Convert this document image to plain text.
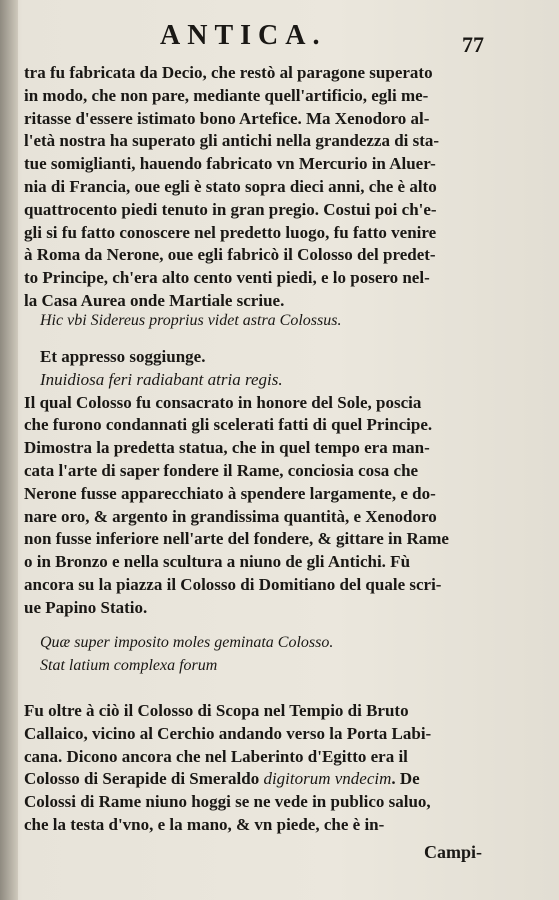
ANTICA.	77
tra fu fabricata da Decio, che restò al paragone superato
in modo, che non pare, mediante quell'artificio, egli me-
ritasse d'essere istimato bono Artefice. Ma Xenodoro al-
l'età nostra ha superato gli antichi nella grandezza di sta-
tue somiglianti, hauendo fabricato vn Mercurio in Aluer-
nia di Francia, oue egli è stato sopra dieci anni, che è alto
quattrocento piedi tenuto in gran pregio. Costui poi ch'e-
gli si fu fatto conoscere nel predetto luogo, fu fatto venire
à Roma da Nerone, oue egli fabricò il Colosso del predet-
to Principe, ch'era alto cento venti piedi, e lo posero nel-
la Casa Aurea onde Martiale scriue.
Hic vbi Sidereus proprius videt astra Colossus.
Et appresso soggiunge.
Inuidiosa feri radiabant atria regis.
Il qual Colosso fu consacrato in honore del Sole, poscia
che furono condannati gli scelerati fatti di quel Principe.
Dimostra la predetta statua, che in quel tempo era man-
cata l'arte di saper fondere il Rame, conciosia cosa che
Nerone fusse apparecchiato à spendere largamente, e do-
nare oro, & argento in grandissima quantità, e Xenodoro
non fusse inferiore nell'arte del fondere, & gittare in Rame
o in Bronzo e nella scultura a niuno de gli Antichi. Fù
ancora su la piazza il Colosso di Domitiano del quale scri-
ue Papino Statio.
Quæ super imposito moles geminata Colosso.
Stat latium complexa forum
Fu oltre à ciò il Colosso di Scopa nel Tempio di Bruto
Callaico, vicino al Cerchio andando verso la Porta Labi-
cana. Dicono ancora che nel Laberinto d'Egitto era il
Colosso di Serapide di Smeraldo digitorum vndecim. De
Colossi di Rame niuno hoggi se ne vede in publico saluo,
che la testa d'vno, e la mano, & vn piede, che è in-
Campi-
